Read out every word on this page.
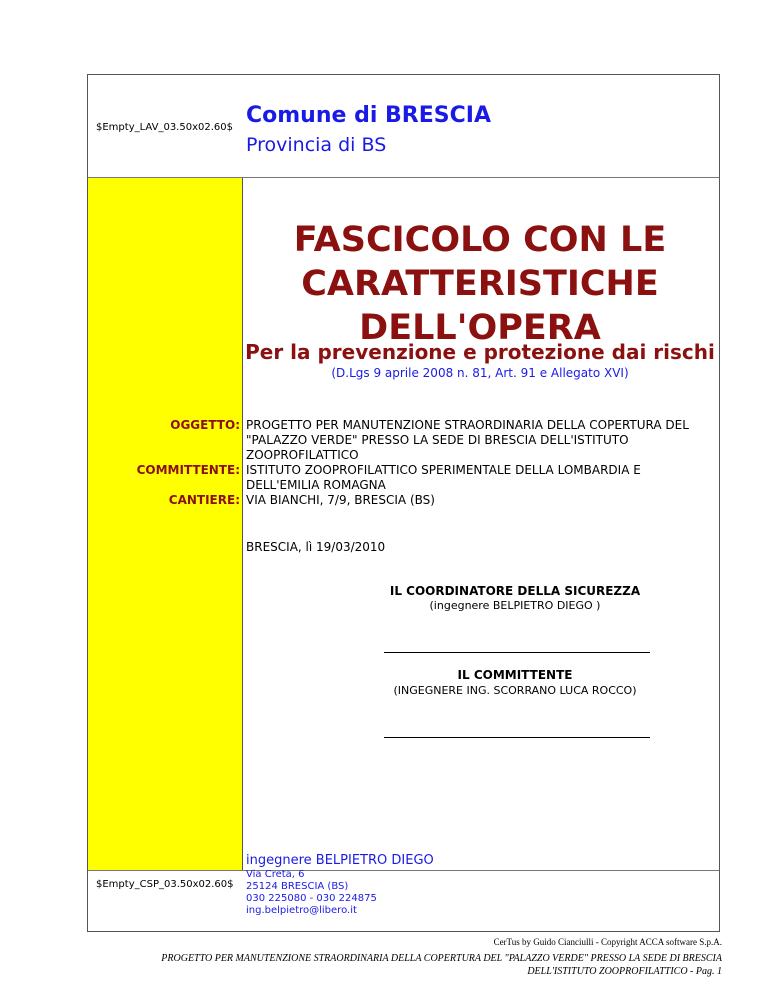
$Empty_LAV_03.50x02.60$ Comune di BRESCIA
Provincia di BS
FASCICOLO CON LE
CARATTERISTICHE
DELL'OPERA
Per la prevenzione e protezione dai rischi
(D.Lgs 9 aprile 2008 n. 81, Art. 91 e Allegato XVI)
OGGETTO: PROGETTO PER MANUTENZIONE STRAORDINARIA DELLA COPERTURA DEL
"PALAZZO VERDE" PRESSO LA SEDE DI BRESCIA DELL'ISTITUTO
ZOOPROFILATTICO
COMMITTENTE: ISTITUTO ZOOPROFILATTICO SPERIMENTALE DELLA LOMBARDIA E
DELL'EMILIA ROMAGNA
CANTIERE: VIA BIANCHI, 7/9, BRESCIA (BS)
BRESCIA, lì 19/03/2010
IL COORDINATORE DELLA SICUREZZA
(ingegnere BELPIETRO DIEGO )
IL COMMITTENTE
(INGEGNERE ING. SCORRANO LUCA ROCCO)
$Empty_CSP_03.50x02.60$
ingegnere BELPIETRO DIEGO
Via Creta, 6
25124 BRESCIA (BS)
030 225080 - 030 224875
ing.belpietro@libero.it
CerTus by Guido Cianciulli - Copyright ACCA software S.p.A.
PROGETTO PER MANUTENZIONE STRAORDINARIA DELLA COPERTURA DEL "PALAZZO VERDE" PRESSO LA SEDE DI BRESCIA
DELL'ISTITUTO ZOOPROFILATTICO - Pag. 1
